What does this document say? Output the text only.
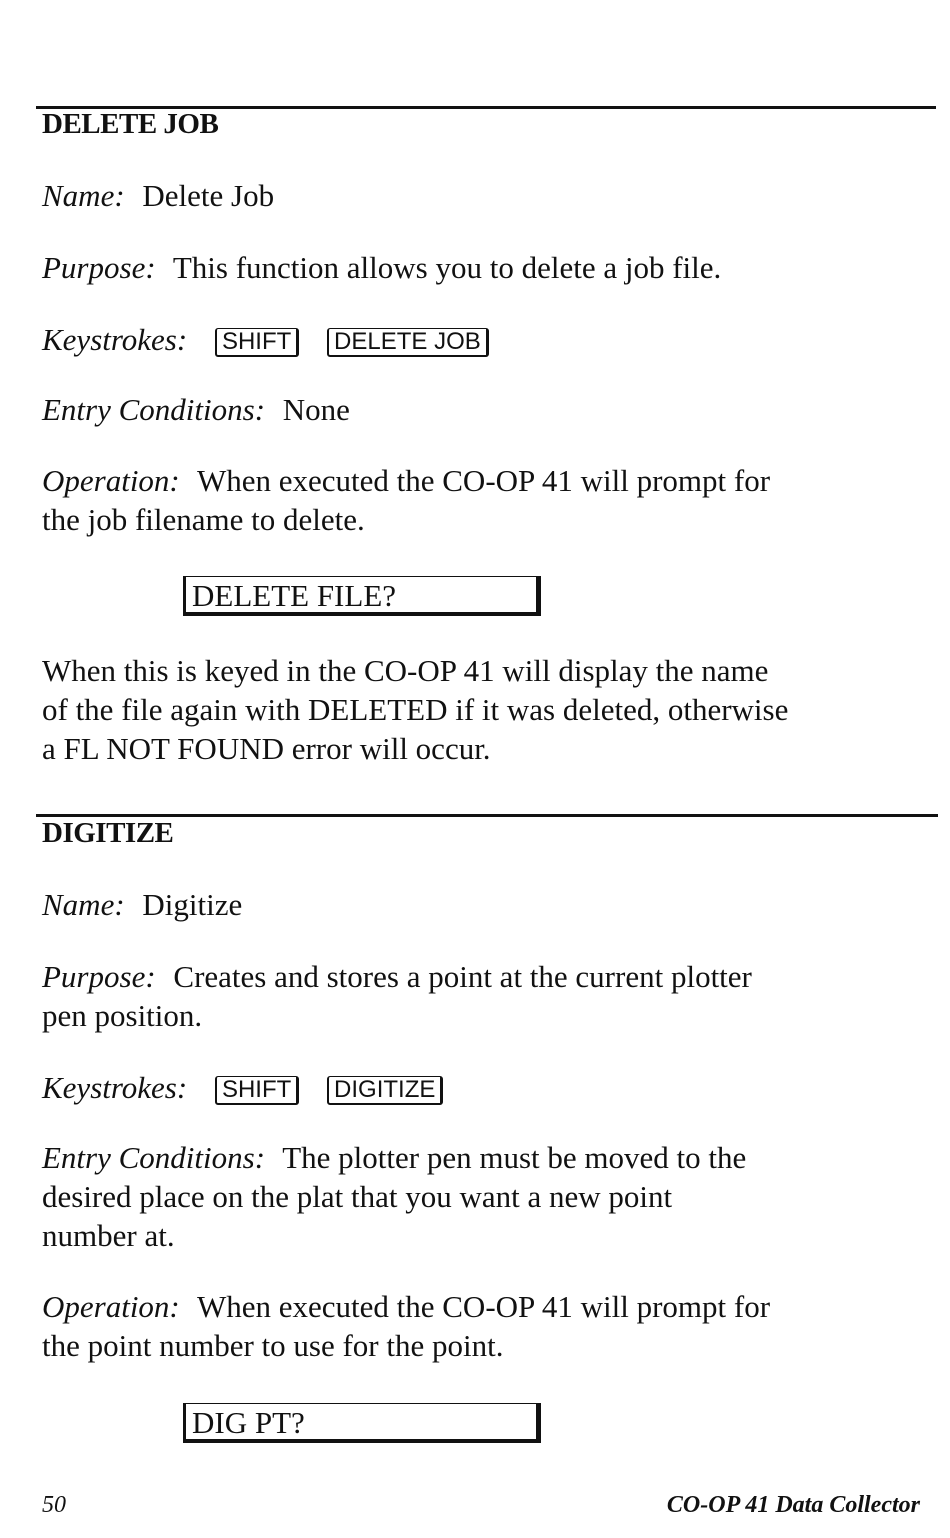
DELETE JOB
Name: Delete Job
Purpose: This function allows you to delete a job file.
Keystrokes: SHIFT DELETE JOB
Entry Conditions: None
Operation: When executed the CO-OP 41 will prompt for
the job filename to delete.
DELETE FILE?
When this is keyed in the CO-OP 41 will display the name
of the file again with DELETED if it was deleted, otherwise
a FL NOT FOUND error will occur.
DIGITIZE
Name: Digitize
Purpose: Creates and stores a point at the current plotter
pen position.
Keystrokes: SHIFT DIGITIZE
Entry Conditions: The plotter pen must be moved to the
desired place on the plat that you want a new point
number at.
Operation: When executed the CO-OP 41 will prompt for
the point number to use for the point.
DIG PT?
50	CO-OP 41 Data Collector
